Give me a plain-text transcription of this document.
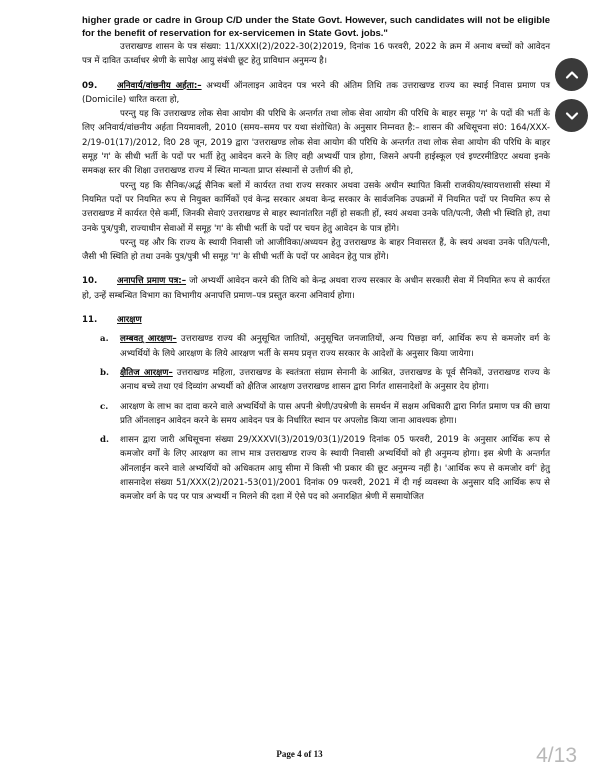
higher grade or cadre in Group C/D under the State Govt. However, such candidates will not be eligible for the benefit of reservation for ex-servicemen in State Govt. jobs."

उत्तराखण्ड शासन के पत्र संख्या: 11/XXXI(2)/2022-30(2)2019, दिनांक 16 फरवरी, 2022 के क्रम में अनाथ बच्चों को आवेदन पत्र में दावित ऊर्ध्वाधर श्रेणी के सापेक्ष आयु संबंधी छूट हेतु प्राविधान अनुमन्य है।

09. अनिवार्य/वांछनीय अर्हता:– अभ्यर्थी ऑनलाइन आवेदन पत्र भरने की अंतिम तिथि तक उत्तराखण्ड राज्य का स्थाई निवास प्रमाण पत्र (Domicile) धारित करता हो,

परन्तु यह कि उत्तराखण्ड लोक सेवा आयोग की परिधि के अन्तर्गत तथा लोक सेवा आयोग की परिधि के बाहर समूह 'ग' के पदों की भर्ती के लिए अनिवार्य/वांछनीय अर्हता नियमावली, 2010 (समय–समय पर यथा संशोधित) के अनुसार निम्नवत है:– शासन की अधिसूचना सं0: 164/XXX-2/19-01(17)/2012, दि0 28 जून, 2019 द्वारा 'उत्तराखण्ड लोक सेवा आयोग की परिधि के अन्तर्गत तथा लोक सेवा आयोग की परिधि के बाहर समूह 'ग' के सीधी भर्ती के पदों पर भर्ती हेतु आवेदन करने के लिए वही अभ्यर्थी पात्र होगा, जिसने अपनी हाईस्कूल एवं इण्टरमीडिएट अथवा इनके समकक्ष स्तर की शिक्षा उत्तराखण्ड राज्य में स्थित मान्यता प्राप्त संस्थानों से उत्तीर्ण की हो,

परन्तु यह कि सैनिक/अर्द्ध सैनिक बलों में कार्यरत तथा राज्य सरकार अथवा उसके अधीन स्थापित किसी राजकीय/स्वायत्तशासी संस्था में नियमित पदों पर नियमित रूप से नियुक्त कार्मिकों एवं केन्द्र सरकार अथवा केन्द्र सरकार के सार्वजनिक उपक्रमों में नियमित पदों पर नियमित रूप से उत्तराखण्ड में कार्यरत ऐसे कर्मी, जिनकी सेवाएं उत्तराखण्ड से बाहर स्थानांतरित नहीं हो सकती हों, स्वयं अथवा उनके पति/पत्नी, जैसी भी स्थिति हो, तथा उनके पुत्र/पुत्री, राज्याधीन सेवाओं में समूह 'ग' के सीधी भर्ती के पदों पर चयन हेतु आवेदन के पात्र होंगे।

परन्तु यह और कि राज्य के स्थायी निवासी जो आजीविका/अध्ययन हेतु उत्तराखण्ड के बाहर निवासरत हैं, के स्वयं अथवा उनके पति/पत्नी, जैसी भी स्थिति हो तथा उनके पुत्र/पुत्री भी समूह 'ग' के सीधी भर्ती के पदों पर आवेदन हेतु पात्र होंगे।

10. अनापत्ति प्रमाण पत्र:– जो अभ्यर्थी आवेदन करने की तिथि को केन्द्र अथवा राज्य सरकार के अधीन सरकारी सेवा में नियमित रूप से कार्यरत हो, उन्हें सम्बन्धित विभाग का विभागीय अनापत्ति प्रमाण–पत्र प्रस्तुत करना अनिवार्य होगा।

11. आरक्षण
a.	लम्बवत् आरक्षण– उत्तराखण्ड राज्य की अनुसूचित जातियों, अनुसूचित जनजातियों, अन्य पिछड़ा वर्ग, आर्थिक रूप से कमजोर वर्ग के अभ्यर्थियों के लिये आरक्षण के लिये आरक्षण भर्ती के समय प्रवृत्त राज्य सरकार के आदेशों के अनुसार किया जायेगा।
b.	क्षैतिज आरक्षण– उत्तराखण्ड महिला, उत्तराखण्ड के स्वतंत्रता संग्राम सेनानी के आश्रित, उत्तराखण्ड के पूर्व सैनिकों, उत्तराखण्ड राज्य के अनाथ बच्चे तथा एवं दिव्यांग अभ्यर्थी को क्षैतिज आरक्षण उत्तराखण्ड शासन द्वारा निर्गत शासनादेशों के अनुसार देय होगा।
c.	आरक्षण के लाभ का दावा करने वाले अभ्यर्थियों के पास अपनी श्रेणी/उपश्रेणी के समर्थन में सक्षम अधिकारी द्वारा निर्गत प्रमाण पत्र की छाया प्रति ऑनलाइन आवेदन करने के समय आवेदन पत्र के निर्धारित स्थान पर अपलोड किया जाना आवश्यक होगा।
d.	शासन द्वारा जारी अधिसूचना संख्या 29/XXXVI(3)/2019/03(1)/2019 दिनांक 05 फरवरी, 2019 के अनुसार आर्थिक रूप से कमजोर वर्गों के लिए आरक्षण का लाभ मात्र उत्तराखण्ड राज्य के स्थायी निवासी अभ्यर्थियों को ही अनुमन्य होगा। इस श्रेणी के अन्तर्गत ऑनलाईन करने वाले अभ्यर्थियों को अधिकतम आयु सीमा में किसी भी प्रकार की छूट अनुमन्य नहीं है। 'आर्थिक रूप से कमजोर वर्ग' हेतु शासनादेश संख्या 51/XXX(2)/2021-53(01)/2001 दिनांक 09 फरवरी, 2021 में दी गई व्यवस्था के अनुसार यदि आर्थिक रूप से कमजोर वर्ग के पद पर पात्र अभ्यर्थी न मिलने की दशा में ऐसे पद को अनारक्षित श्रेणी में समायोजित
Page 4 of 13	4/13
